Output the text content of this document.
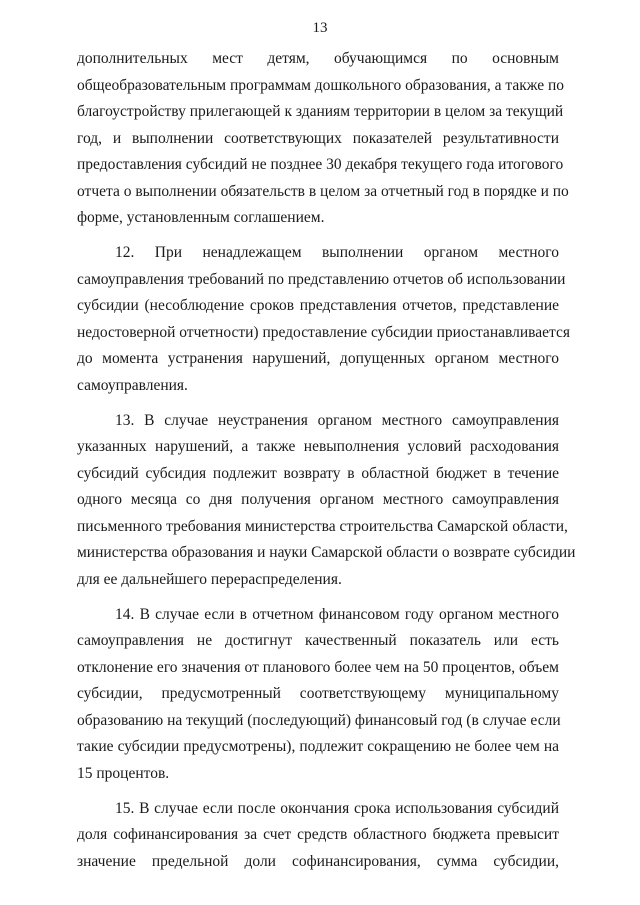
13
дополнительных мест детям, обучающимся по основным
общеобразовательным программам дошкольного образования, а также по
благоустройству прилегающей к зданиям территории в целом за текущий
год, и выполнении соответствующих показателей результативности
предоставления субсидий не позднее 30 декабря текущего года итогового
отчета о выполнении обязательств в целом за отчетный год в порядке и по
форме, установленным соглашением.
12. При ненадлежащем выполнении органом местного
самоуправления требований по представлению отчетов об использовании
субсидии (несоблюдение сроков представления отчетов, представление
недостоверной отчетности) предоставление субсидии приостанавливается
до момента устранения нарушений, допущенных органом местного
самоуправления.
13. В случае неустранения органом местного самоуправления
указанных нарушений, а также невыполнения условий расходования
субсидий субсидия подлежит возврату в областной бюджет в течение
одного месяца со дня получения органом местного самоуправления
письменного требования министерства строительства Самарской области,
министерства образования и науки Самарской области о возврате субсидии
для ее дальнейшего перераспределения.
14. В случае если в отчетном финансовом году органом местного
самоуправления не достигнут качественный показатель или есть
отклонение его значения от планового более чем на 50 процентов, объем
субсидии, предусмотренный соответствующему муниципальному
образованию на текущий (последующий) финансовый год (в случае если
такие субсидии предусмотрены), подлежит сокращению не более чем на
15 процентов.
15. В случае если после окончания срока использования субсидий
доля софинансирования за счет средств областного бюджета превысит
значение предельной доли софинансирования, сумма субсидии,
